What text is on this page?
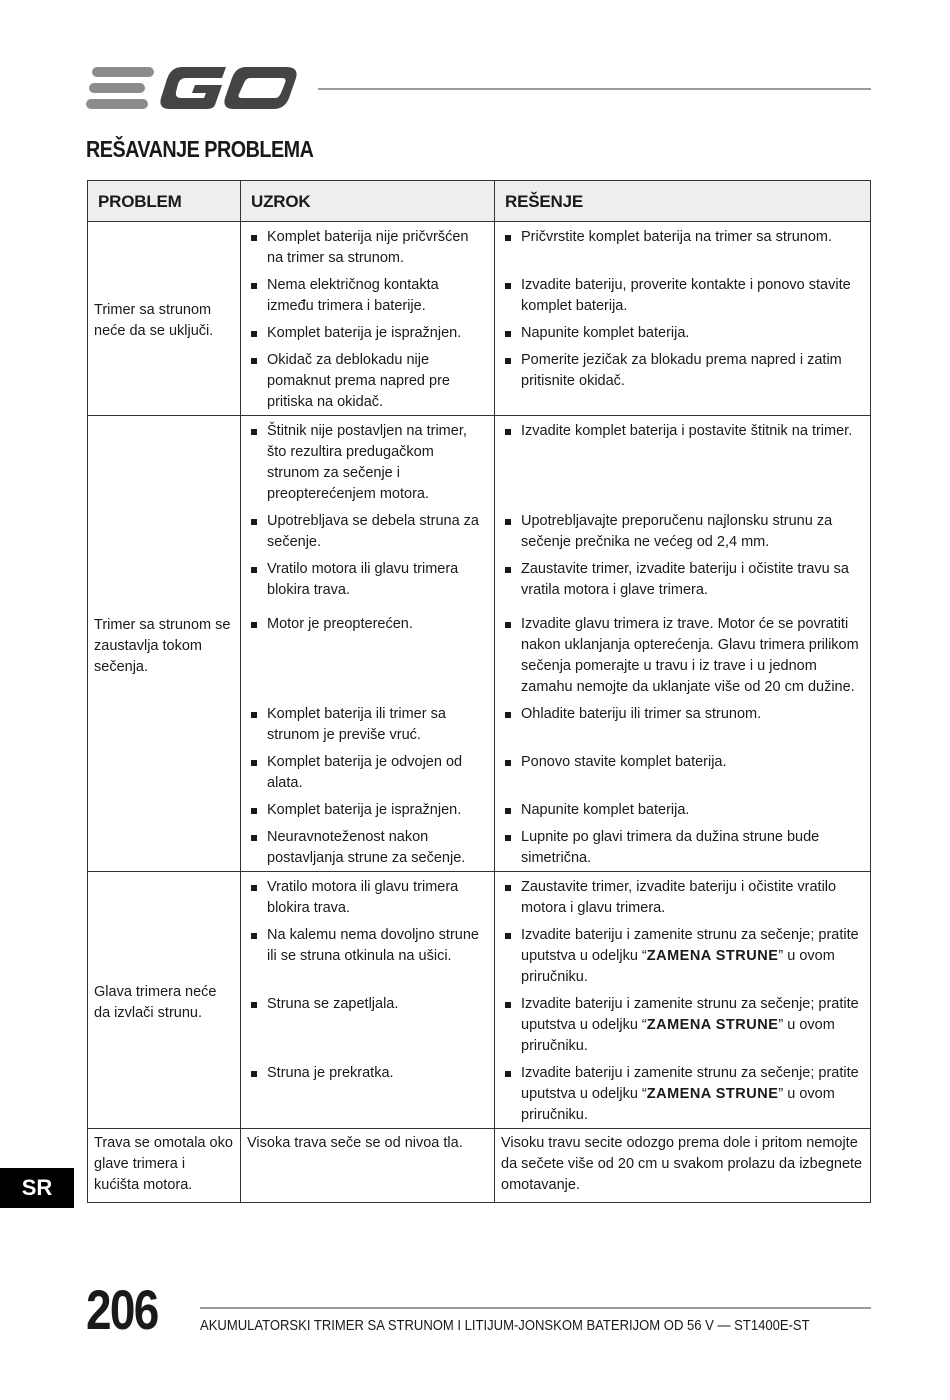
REŠAVANJE PROBLEMA
PROBLEM	UZROK	REŠENJE
Trimer sa strunom neće da se uključi.	Komplet baterija nije pričvršćen na trimer sa strunom.	Pričvrstite komplet baterija na trimer sa strunom.

	Nema električnog kontakta između trimera i baterije.	Izvadite bateriju, proverite kontakte i ponovo stavite komplet baterija.

	Komplet baterija je ispražnjen.	Napunite komplet baterija.

	Okidač za deblokadu nije pomaknut prema napred pre pritiska na okidač.	Pomerite jezičak za blokadu prema napred i zatim pritisnite okidač.

Trimer sa strunom se zaustavlja tokom sečenja.	Štitnik nije postavljen na trimer, što rezultira predugačkom strunom za sečenje i preopterećenjem motora.	Izvadite komplet baterija i postavite štitnik na trimer.

	Upotrebljava se debela struna za sečenje.	Upotrebljavajte preporučenu najlonsku strunu za sečenje prečnika ne većeg od 2,4 mm.

	Vratilo motora ili glavu trimera blokira trava.	Zaustavite trimer, izvadite bateriju i očistite travu sa vratila motora i glave trimera.

	Motor je preopterećen.	Izvadite glavu trimera iz trave. Motor će se povratiti nakon uklanjanja opterećenja. Glavu trimera prilikom sečenja pomerajte u travu i iz trave i u jednom zamahu nemojte da uklanjate više od 20 cm dužine.

	Komplet baterija ili trimer sa strunom je previše vruć.	Ohladite bateriju ili trimer sa strunom.

	Komplet baterija je odvojen od alata.	Ponovo stavite komplet baterija.

	Komplet baterija je ispražnjen.	Napunite komplet baterija.

	Neuravnoteženost nakon postavljanja strune za sečenje.	Lupnite po glavi trimera da dužina strune bude simetrična.

Glava trimera neće da izvlači strunu.	Vratilo motora ili glavu trimera blokira trava.	Zaustavite trimer, izvadite bateriju i očistite vratilo motora i glavu trimera.

	Na kalemu nema dovoljno strune ili se struna otkinula na ušici.	Izvadite bateriju i zamenite strunu za sečenje; pratite uputstva u odeljku “ZAMENA STRUNE” u ovom priručniku.

	Struna se zapetljala.	Izvadite bateriju i zamenite strunu za sečenje; pratite uputstva u odeljku “ZAMENA STRUNE” u ovom priručniku.

	Struna je prekratka.	Izvadite bateriju i zamenite strunu za sečenje; pratite uputstva u odeljku “ZAMENA STRUNE” u ovom priručniku.

Trava se omotala oko glave trimera i kućišta motora.	Visoka trava seče se od nivoa tla.	Visoku travu secite odozgo prema dole i pritom nemojte da sečete više od 20 cm u svakom prolazu da izbegnete omotavanje.
SR
206	AKUMULATORSKI TRIMER SA STRUNOM I LITIJUM-JONSKOM BATERIJOM OD 56 V — ST1400E-ST
